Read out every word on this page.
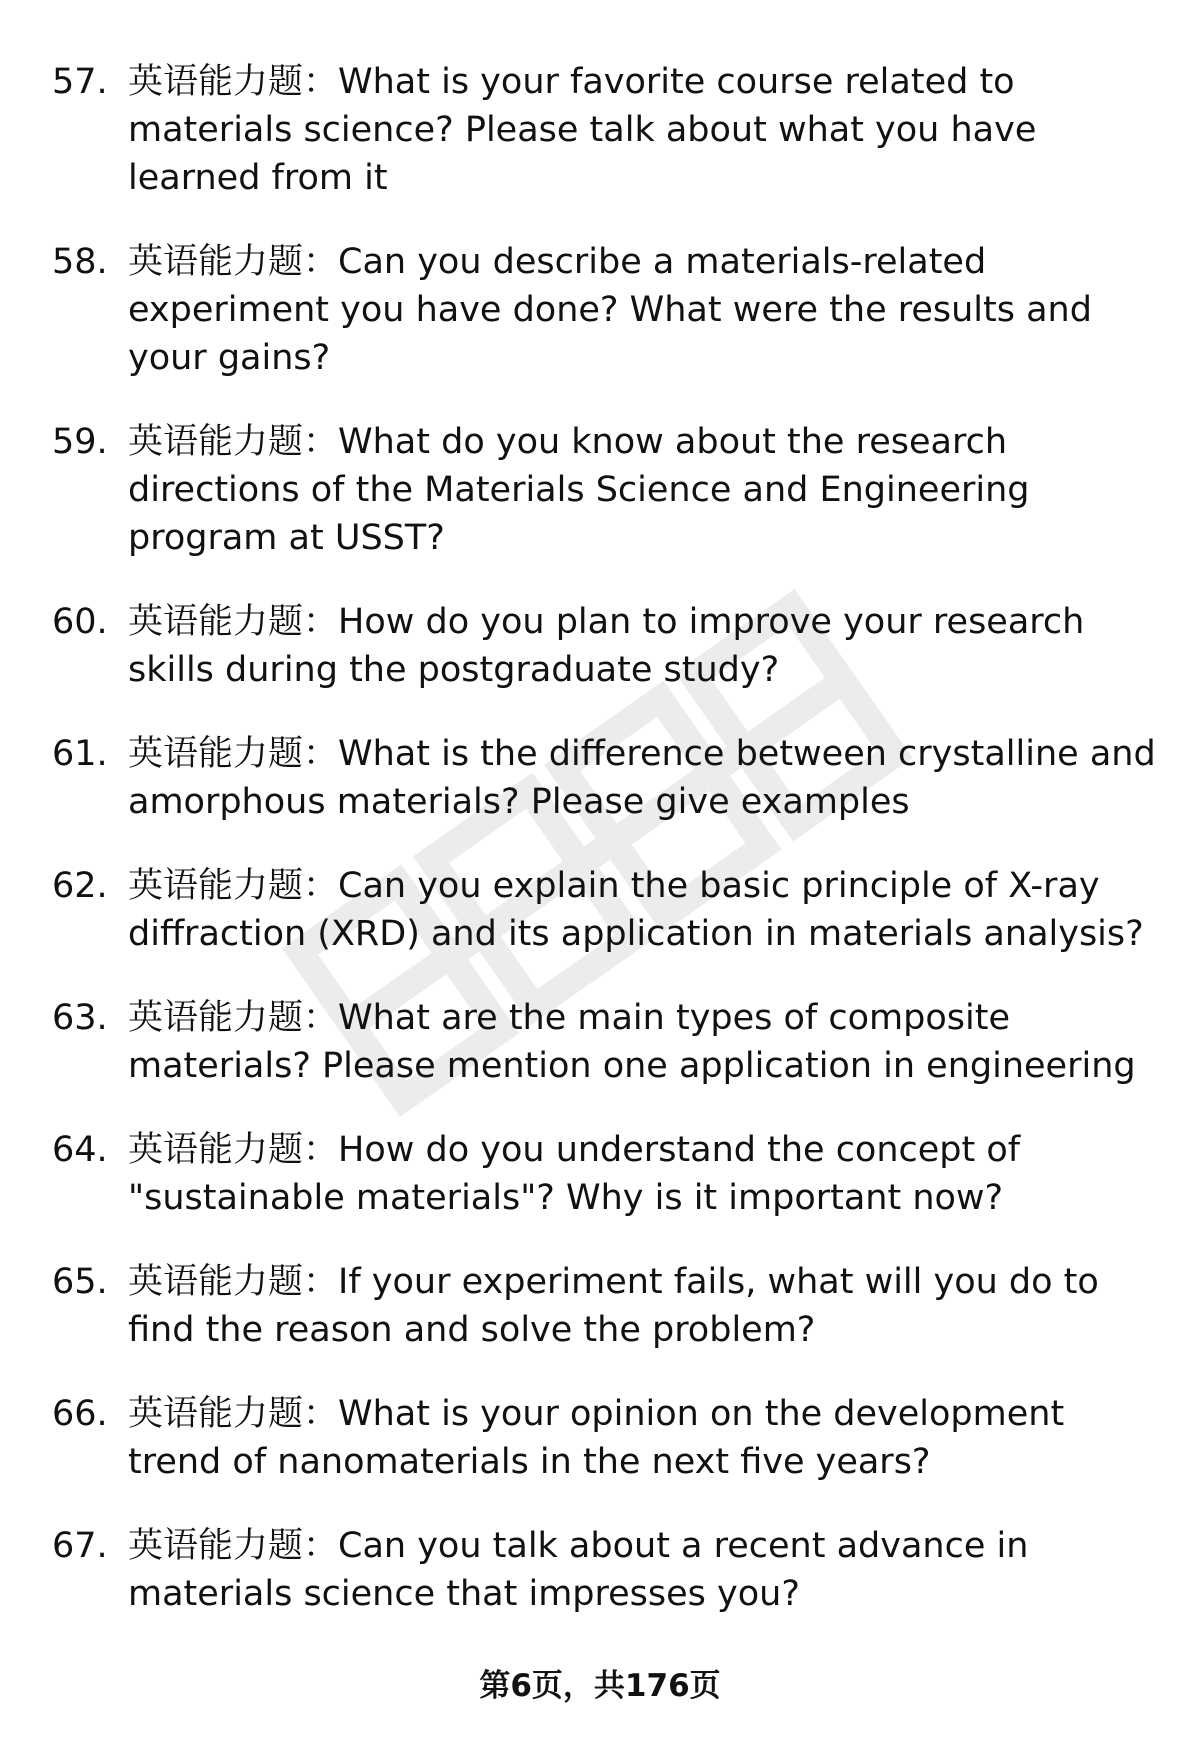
57. 英语能力题：What is your favorite course related to materials science? Please talk about what you have learned from it
58. 英语能力题：Can you describe a materials-related experiment you have done? What were the results and your gains?
59. 英语能力题：What do you know about the research directions of the Materials Science and Engineering program at USST?
60. 英语能力题：How do you plan to improve your research skills during the postgraduate study?
61. 英语能力题：What is the difference between crystalline and amorphous materials? Please give examples
62. 英语能力题：Can you explain the basic principle of X-ray diffraction (XRD) and its application in materials analysis?
63. 英语能力题：What are the main types of composite materials? Please mention one application in engineering
64. 英语能力题：How do you understand the concept of "sustainable materials"? Why is it important now?
65. 英语能力题：If your experiment fails, what will you do to find the reason and solve the problem?
66. 英语能力题：What is your opinion on the development trend of nanomaterials in the next five years?
67. 英语能力题：Can you talk about a recent advance in materials science that impresses you?
第6页，共176页
